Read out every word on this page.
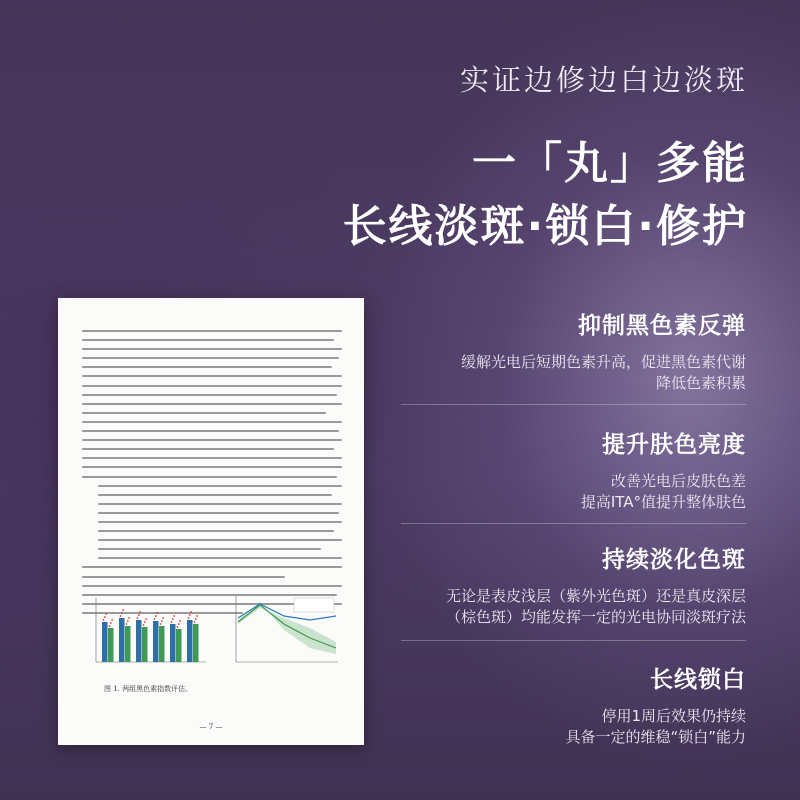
实证边修边白边淡斑
一「丸」多能
长线淡斑·锁白·修护
图 1. 两组黑色素指数评估。
— 7 —
抑制黑色素反弹
缓解光电后短期色素升高，促进黑色素代谢
降低色素积累
提升肤色亮度
改善光电后皮肤色差
提高ITA°值提升整体肤色
持续淡化色斑
无论是表皮浅层（紫外光色斑）还是真皮深层
（棕色斑）均能发挥一定的光电协同淡斑疗法
长线锁白
停用1周后效果仍持续
具备一定的维稳“锁白”能力
